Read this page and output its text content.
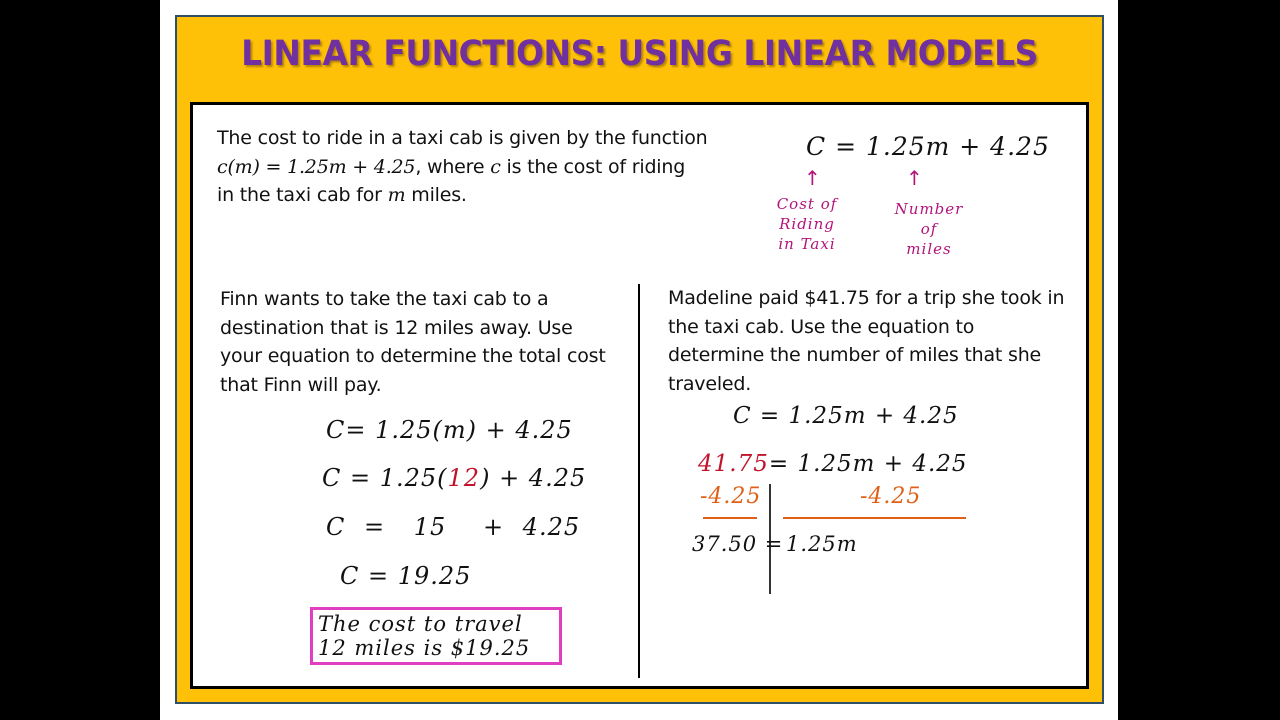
LINEAR FUNCTIONS: USING LINEAR MODELS
The cost to ride in a taxi cab is given by the function
c(m) = 1.25m + 4.25, where c is the cost of riding
in the taxi cab for m miles.
C = 1.25m + 4.25
↑	↑
Cost of
Riding
in Taxi
Number
of
miles

Finn wants to take the taxi cab to a destination that is 12 miles away. Use your equation to determine the total cost that Finn will pay.

C= 1.25(m) + 4.25
C = 1.25(12) + 4.25
C = 15 + 4.25
C = 19.25
The cost to travel
12 miles is $19.25

Madeline paid $41.75 for a trip she took in the taxi cab. Use the equation to determine the number of miles that she traveled.

C = 1.25m + 4.25
41.75= 1.25m + 4.25
-4.25	-4.25
37.50 = 1.25m
